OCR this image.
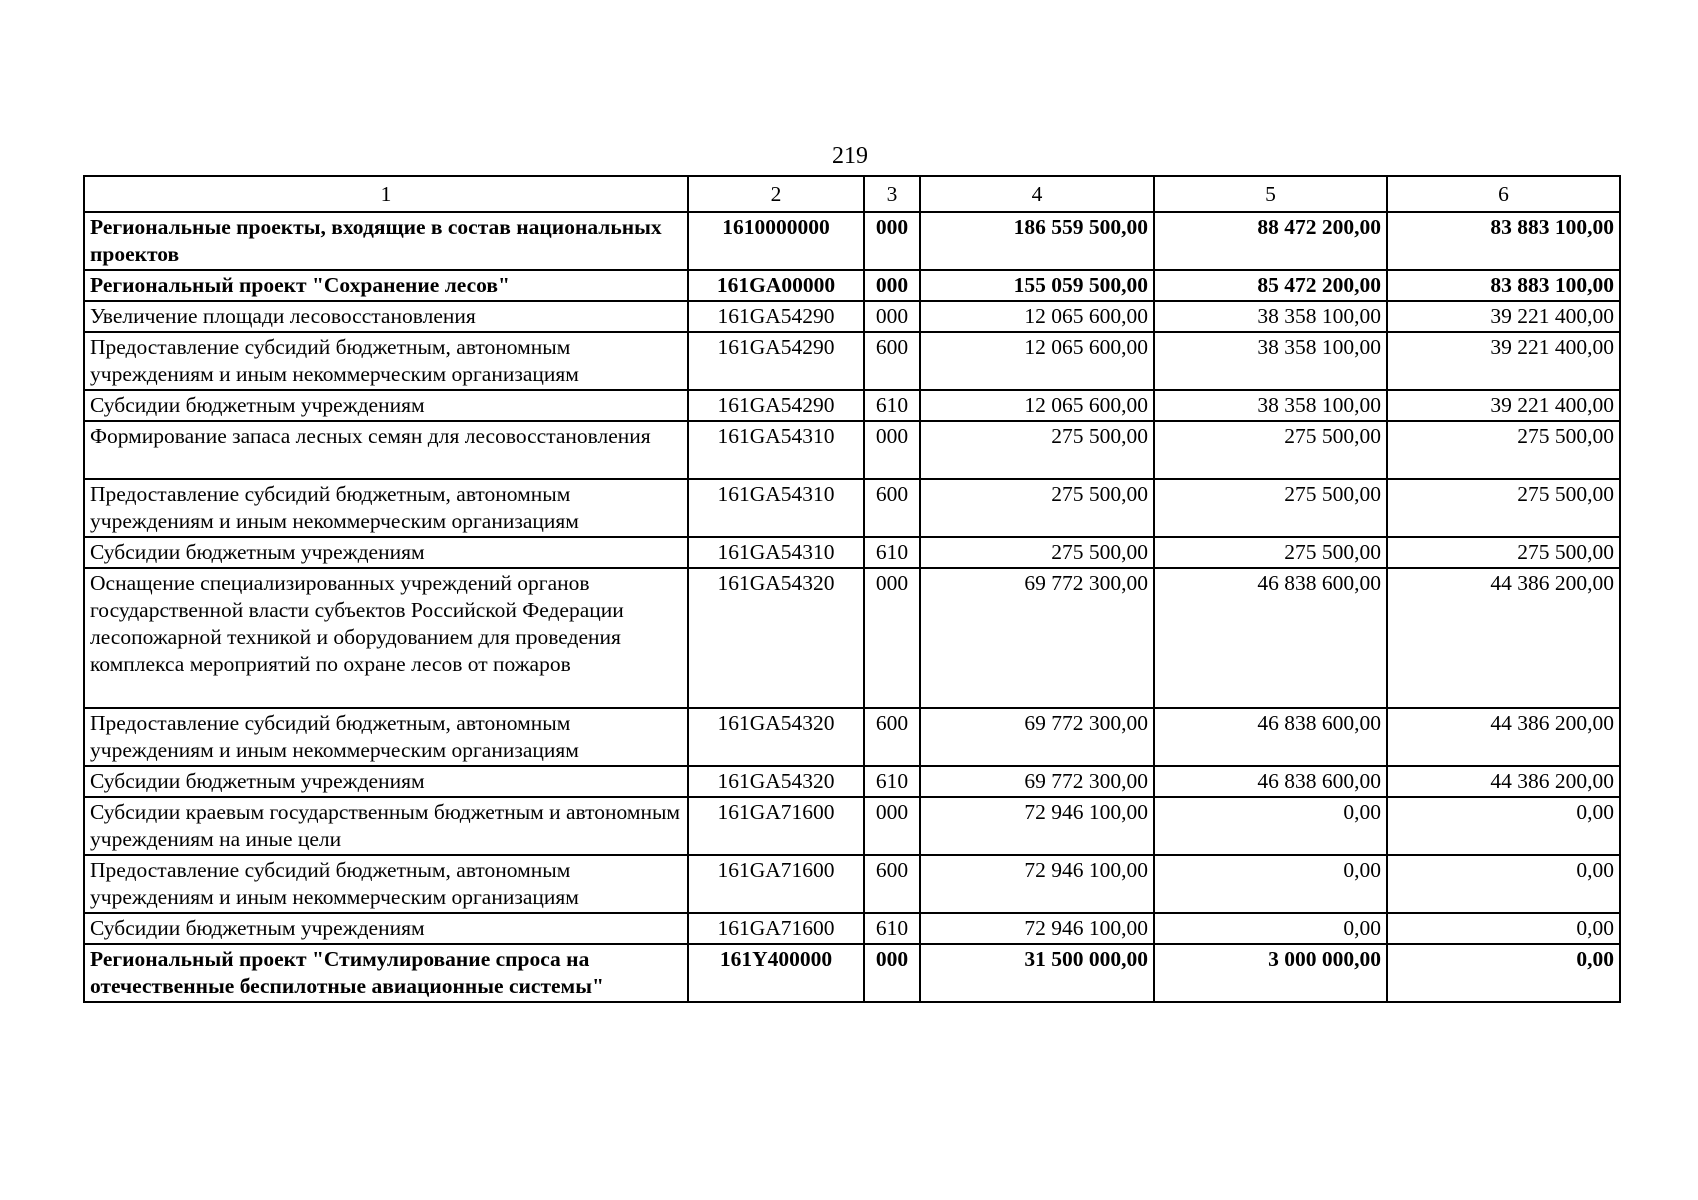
219
1	2	3	4	5	6
Региональные проекты, входящие в состав национальных проектов	1610000000	000	186 559 500,00	88 472 200,00	83 883 100,00
Региональный проект "Сохранение лесов"	161GA00000	000	155 059 500,00	85 472 200,00	83 883 100,00
Увеличение площади лесовосстановления	161GA54290	000	12 065 600,00	38 358 100,00	39 221 400,00
Предоставление субсидий бюджетным, автономным учреждениям и иным некоммерческим организациям	161GA54290	600	12 065 600,00	38 358 100,00	39 221 400,00
Субсидии бюджетным учреждениям	161GA54290	610	12 065 600,00	38 358 100,00	39 221 400,00
Формирование запаса лесных семян для лесовосстановления	161GA54310	000	275 500,00	275 500,00	275 500,00
Предоставление субсидий бюджетным, автономным учреждениям и иным некоммерческим организациям	161GA54310	600	275 500,00	275 500,00	275 500,00
Субсидии бюджетным учреждениям	161GA54310	610	275 500,00	275 500,00	275 500,00
Оснащение специализированных учреждений органов государственной власти субъектов Российской Федерации лесопожарной техникой и оборудованием для проведения комплекса мероприятий по охране лесов от пожаров	161GA54320	000	69 772 300,00	46 838 600,00	44 386 200,00
Предоставление субсидий бюджетным, автономным учреждениям и иным некоммерческим организациям	161GA54320	600	69 772 300,00	46 838 600,00	44 386 200,00
Субсидии бюджетным учреждениям	161GA54320	610	69 772 300,00	46 838 600,00	44 386 200,00
Субсидии краевым государственным бюджетным и автономным учреждениям на иные цели	161GA71600	000	72 946 100,00	0,00	0,00
Предоставление субсидий бюджетным, автономным учреждениям и иным некоммерческим организациям	161GA71600	600	72 946 100,00	0,00	0,00
Субсидии бюджетным учреждениям	161GA71600	610	72 946 100,00	0,00	0,00
Региональный проект "Стимулирование спроса на отечественные беспилотные авиационные системы"	161Y400000	000	31 500 000,00	3 000 000,00	0,00
